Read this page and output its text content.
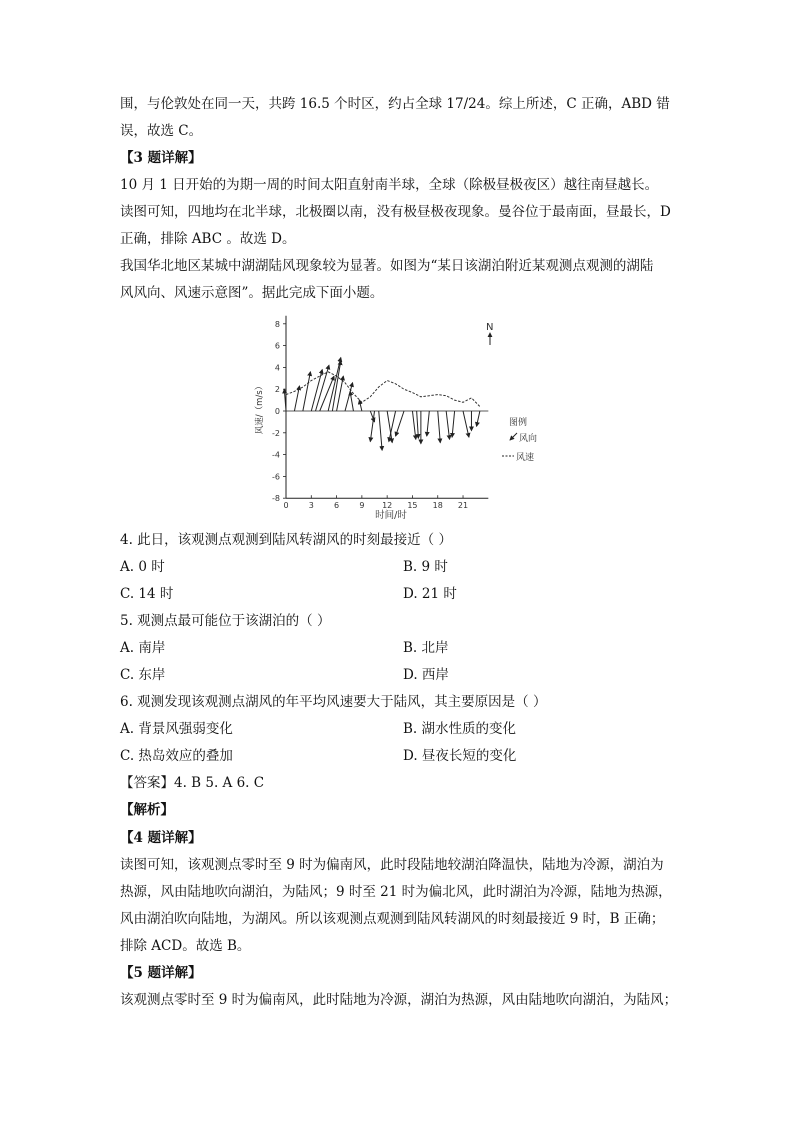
围，与伦敦处在同一天，共跨 16.5 个时区，约占全球 17/24。综上所述，C 正确，ABD 错
误，故选 C。
【3 题详解】
10 月 1 日开始的为期一周的时间太阳直射南半球，全球（除极昼极夜区）越往南昼越长。
读图可知，四地均在北半球，北极圈以南，没有极昼极夜现象。曼谷位于最南面，昼最长，D
正确，排除 ABC 。故选 D。
我国华北地区某城中湖湖陆风现象较为显著。如图为“某日该湖泊附近某观测点观测的湖陆
风风向、风速示意图”。据此完成下面小题。
8
6
4
2
0
-2
-4
-6
-8
0	3	6	9 12 15 18 21
N
风速/（m/s）
时间/时
图例
风向
风速
4. 此日，该观测点观测到陆风转湖风的时刻最接近（ ）
A. 0 时	B. 9 时
C. 14 时	D. 21 时
5. 观测点最可能位于该湖泊的（ ）
A. 南岸	B. 北岸
C. 东岸	D. 西岸
6. 观测发现该观测点湖风的年平均风速要大于陆风，其主要原因是（ ）
A. 背景风强弱变化	B. 湖水性质的变化
C. 热岛效应的叠加	D. 昼夜长短的变化
【答案】4. B 5. A 6. C
【解析】
【4 题详解】
读图可知，该观测点零时至 9 时为偏南风，此时段陆地较湖泊降温快，陆地为冷源，湖泊为
热源，风由陆地吹向湖泊，为陆风；9 时至 21 时为偏北风，此时湖泊为冷源，陆地为热源，
风由湖泊吹向陆地，为湖风。所以该观测点观测到陆风转湖风的时刻最接近 9 时，B 正确；
排除 ACD。故选 B。
【5 题详解】
该观测点零时至 9 时为偏南风，此时陆地为冷源，湖泊为热源，风由陆地吹向湖泊，为陆风；
